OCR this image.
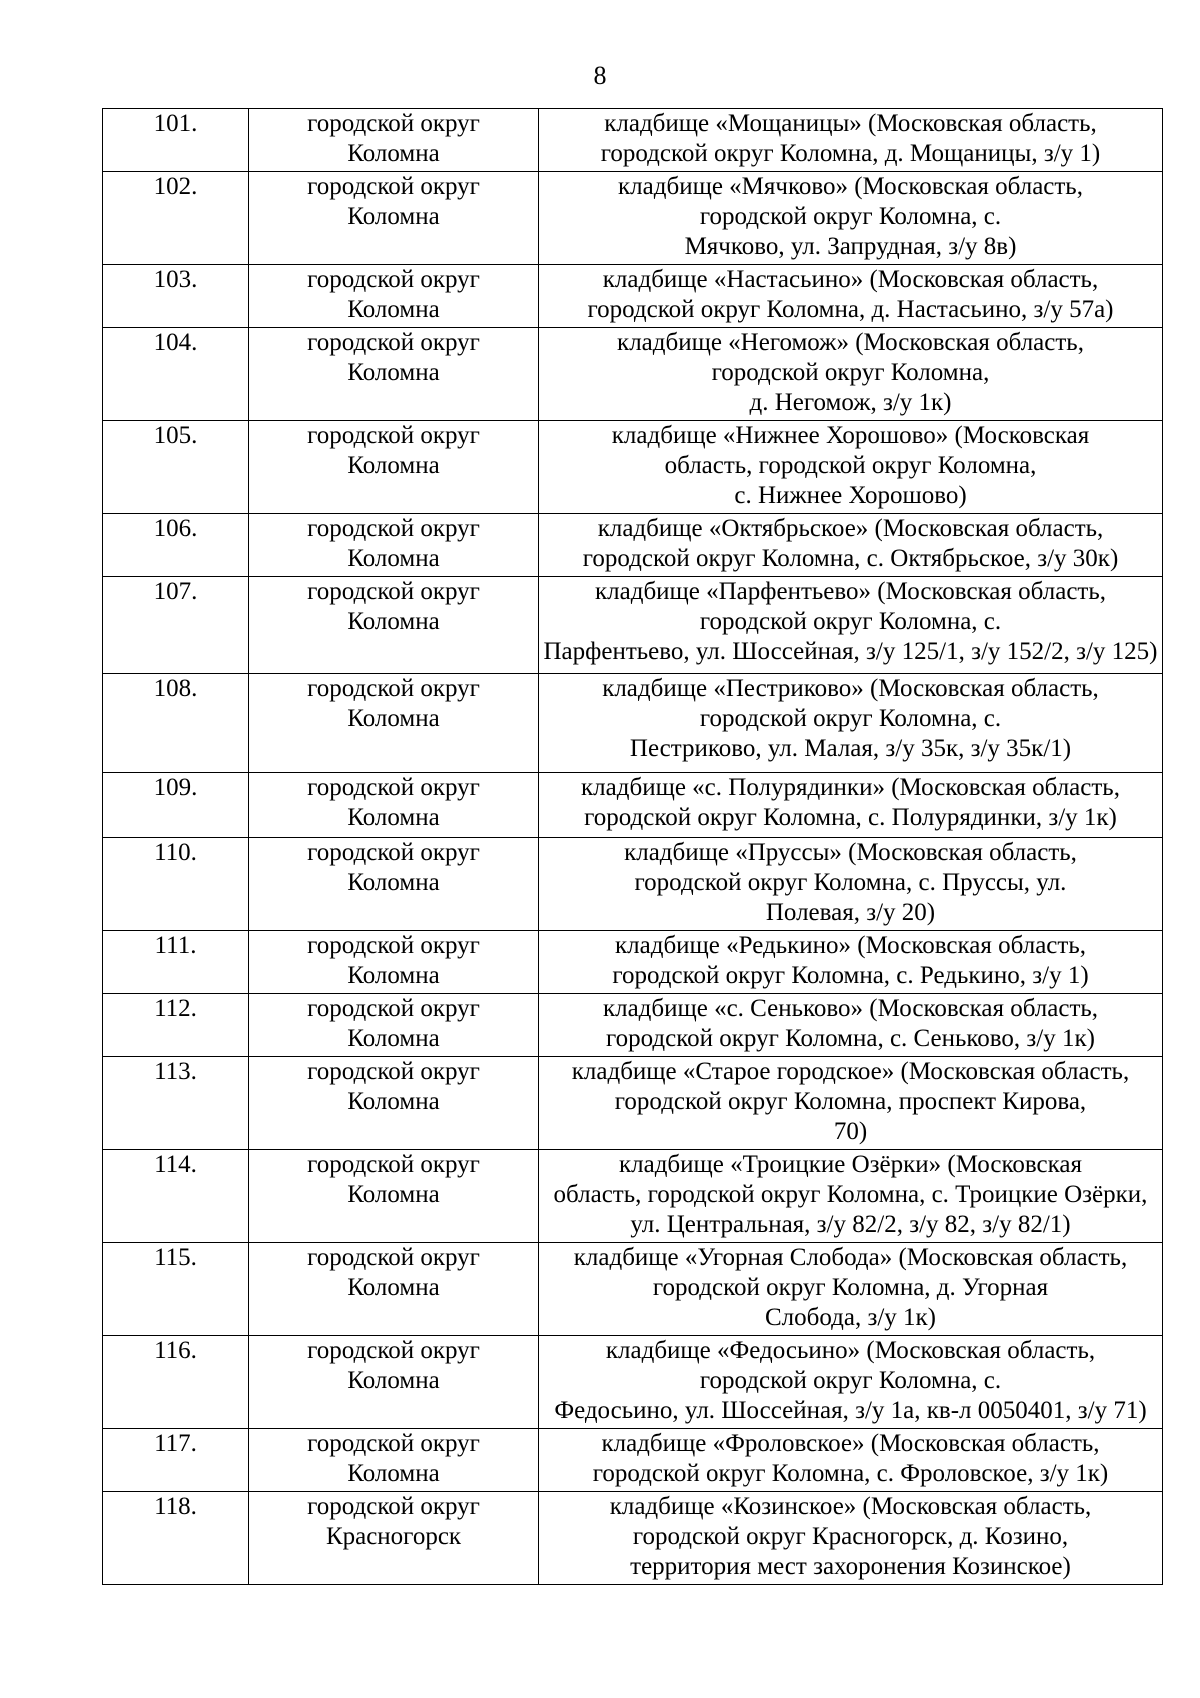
8
101.	городской округ
Коломна	кладбище «Мощаницы» (Московская область,
городской округ Коломна, д. Мощаницы, з/у 1)
102.	городской округ
Коломна	кладбище «Мячково» (Московская область,
городской округ Коломна, с.
Мячково, ул. Запрудная, з/у 8в)
103.	городской округ
Коломна	кладбище «Настасьино» (Московская область,
городской округ Коломна, д. Настасьино, з/у 57а)
104.	городской округ
Коломна	кладбище «Негомож» (Московская область,
городской округ Коломна,
д. Негомож, з/у 1к)
105.	городской округ
Коломна	кладбище «Нижнее Хорошово» (Московская
область, городской округ Коломна,
с. Нижнее Хорошово)
106.	городской округ
Коломна	кладбище «Октябрьское» (Московская область,
городской округ Коломна, с. Октябрьское, з/у 30к)
107.	городской округ
Коломна	кладбище «Парфентьево» (Московская область,
городской округ Коломна, с.
Парфентьево, ул. Шоссейная, з/у 125/1, з/у 152/2, з/у 125)
108.	городской округ
Коломна	кладбище «Пестриково» (Московская область,
городской округ Коломна, с.
Пестриково, ул. Малая, з/у 35к, з/у 35к/1)
109.	городской округ
Коломна	кладбище «с. Полурядинки» (Московская область,
городской округ Коломна, с. Полурядинки, з/у 1к)
110.	городской округ
Коломна	кладбище «Пруссы» (Московская область,
городской округ Коломна, с. Пруссы, ул.
Полевая, з/у 20)
111.	городской округ
Коломна	кладбище «Редькино» (Московская область,
городской округ Коломна, с. Редькино, з/у 1)
112.	городской округ
Коломна	кладбище «с. Сеньково» (Московская область,
городской округ Коломна, с. Сеньково, з/у 1к)
113.	городской округ
Коломна	кладбище «Старое городское» (Московская область,
городской округ Коломна, проспект Кирова,
70)
114.	городской округ
Коломна	кладбище «Троицкие Озёрки» (Московская
область, городской округ Коломна, с. Троицкие Озёрки,
ул. Центральная, з/у 82/2, з/у 82, з/у 82/1)
115.	городской округ
Коломна	кладбище «Угорная Слобода» (Московская область,
городской округ Коломна, д. Угорная
Слобода, з/у 1к)
116.	городской округ
Коломна	кладбище «Федосьино» (Московская область,
городской округ Коломна, с.
Федосьино, ул. Шоссейная, з/у 1а, кв-л 0050401, з/у 71)
117.	городской округ
Коломна	кладбище «Фроловское» (Московская область,
городской округ Коломна, с. Фроловское, з/у 1к)
118.	городской округ
Красногорск	кладбище «Козинское» (Московская область,
городской округ Красногорск, д. Козино,
территория мест захоронения Козинское)
